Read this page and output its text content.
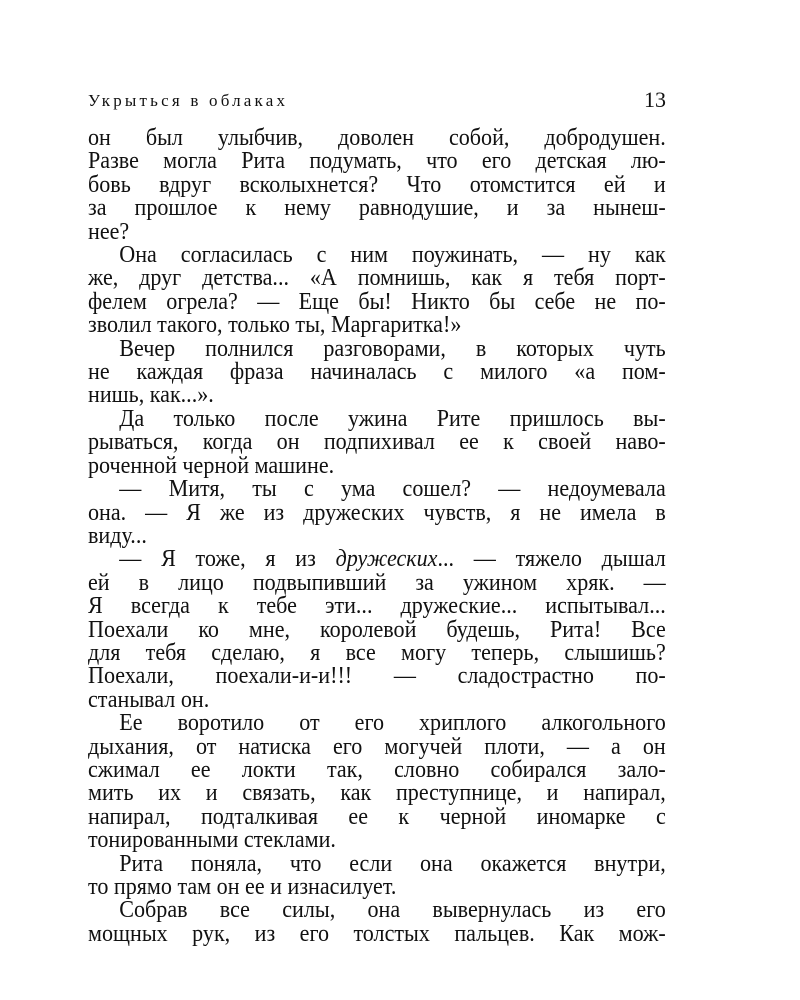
Укрыться в облаках	13

он был улыбчив, доволен собой, добродушен.
Разве могла Рита подумать, что его детская лю-
бовь вдруг всколыхнется? Что отомстится ей и
за прошлое к нему равнодушие, и за нынеш-
нее?

Она согласилась с ним поужинать, — ну как
же, друг детства... «А помнишь, как я тебя порт-
фелем огрела? — Еще бы! Никто бы себе не по-
зволил такого, только ты, Маргаритка!»

Вечер полнился разговорами, в которых чуть
не каждая фраза начиналась с милого «а пом-
нишь, как...».

Да только после ужина Рите пришлось вы-
рываться, когда он подпихивал ее к своей наво-
роченной черной машине.

— Митя, ты с ума сошел? — недоумевала
она. — Я же из дружеских чувств, я не имела в
виду...

— Я тоже, я из дружеских... — тяжело дышал
ей в лицо подвыпивший за ужином хряк. —
Я всегда к тебе эти... дружеские... испытывал...
Поехали ко мне, королевой будешь, Рита! Все
для тебя сделаю, я все могу теперь, слышишь?
Поехали, поехали-и-и!!! — сладострастно по-
станывал он.

Ее воротило от его хриплого алкогольного
дыхания, от натиска его могучей плоти, — а он
сжимал ее локти так, словно собирался зало-
мить их и связать, как преступнице, и напирал,
напирал, подталкивая ее к черной иномарке с
тонированными стеклами.

Рита поняла, что если она окажется внутри,
то прямо там он ее и изнасилует.

Собрав все силы, она вывернулась из его
мощных рук, из его толстых пальцев. Как мож-
